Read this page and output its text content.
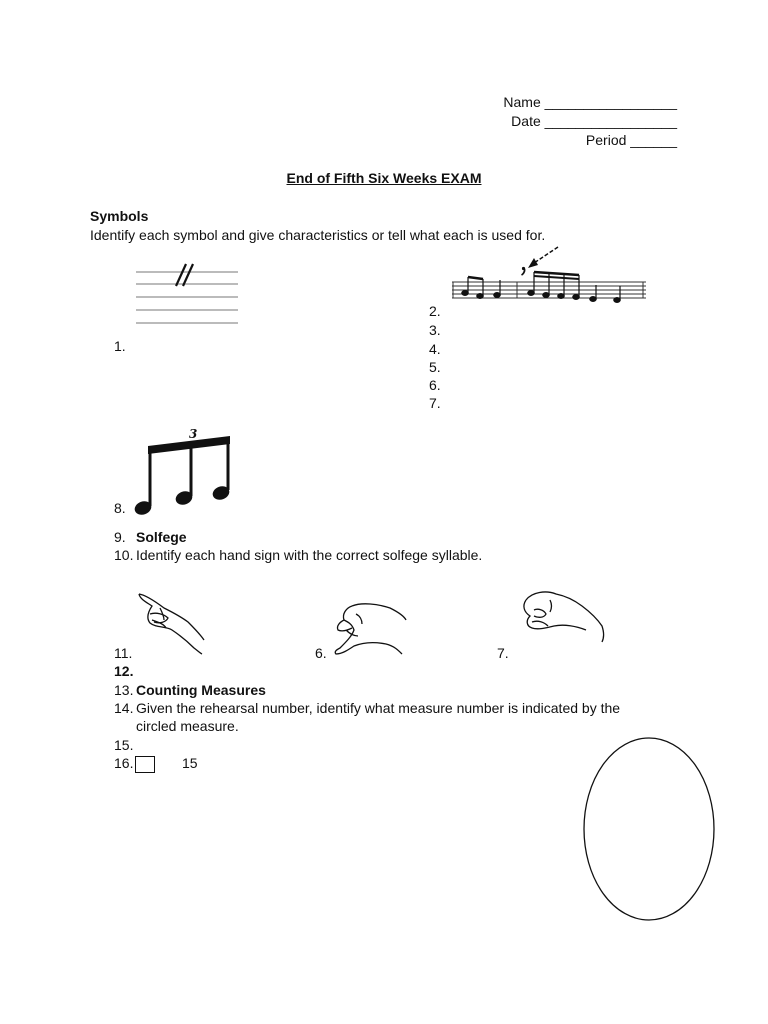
Name _________________
Date _________________
Period ______
End of Fifth Six Weeks EXAM
Symbols
Identify each symbol and give characteristics or tell what each is used for.
1.
2.
3.
4.
5.
6.
7.
3
8.
9. Solfege
10. Identify each hand sign with the correct solfege syllable.
11.	6.	7.
12.
13. Counting Measures
14. Given the rehearsal number, identify what measure number is indicated by the
circled measure.
15.
16.	15
